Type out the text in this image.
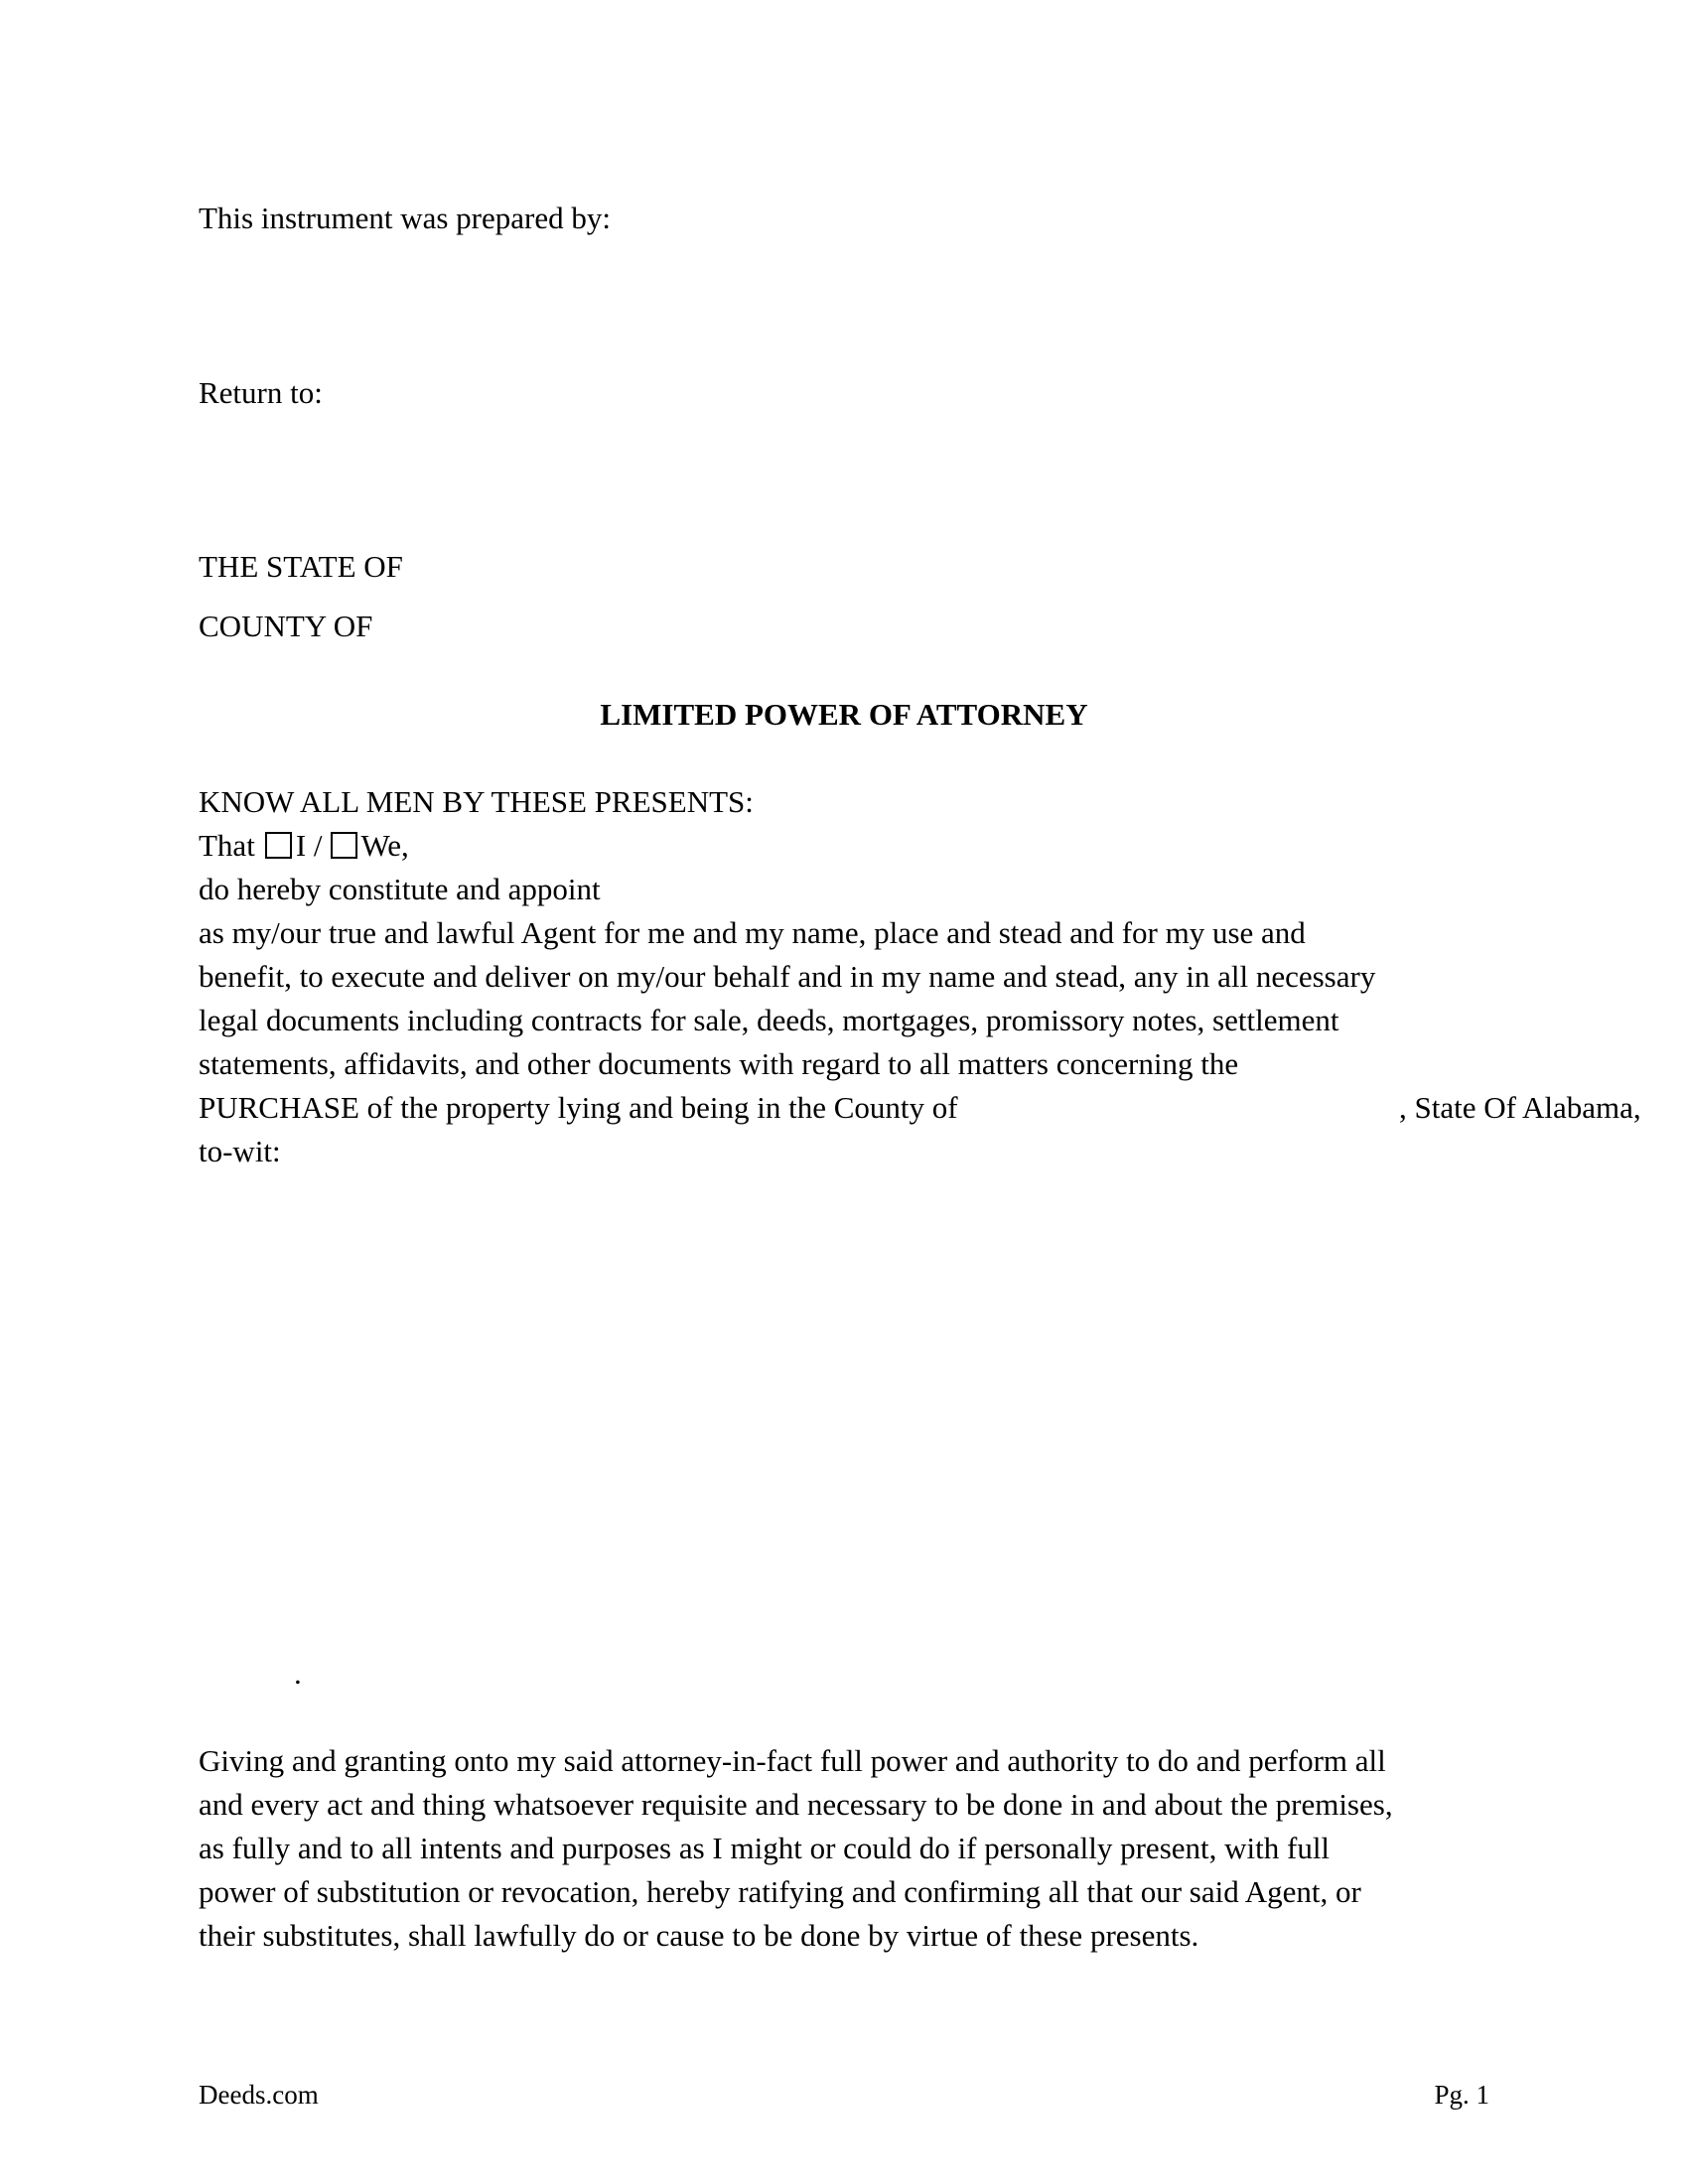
This instrument was prepared by:
Return to:
THE STATE OF
COUNTY OF
LIMITED POWER OF ATTORNEY
KNOW ALL MEN BY THESE PRESENTS:
That I / We,
do hereby constitute and appoint
as my/our true and lawful Agent for me and my name, place and stead and for my use and
benefit, to execute and deliver on my/our behalf and in my name and stead, any in all necessary
legal documents including contracts for sale, deeds, mortgages, promissory notes, settlement
statements, affidavits, and other documents with regard to all matters concerning the
PURCHASE of the property lying and being in the County of	, State Of Alabama,
to-wit:
.
Giving and granting onto my said attorney-in-fact full power and authority to do and perform all
and every act and thing whatsoever requisite and necessary to be done in and about the premises,
as fully and to all intents and purposes as I might or could do if personally present, with full
power of substitution or revocation, hereby ratifying and confirming all that our said Agent, or
their substitutes, shall lawfully do or cause to be done by virtue of these presents.
Deeds.com	Pg. 1
